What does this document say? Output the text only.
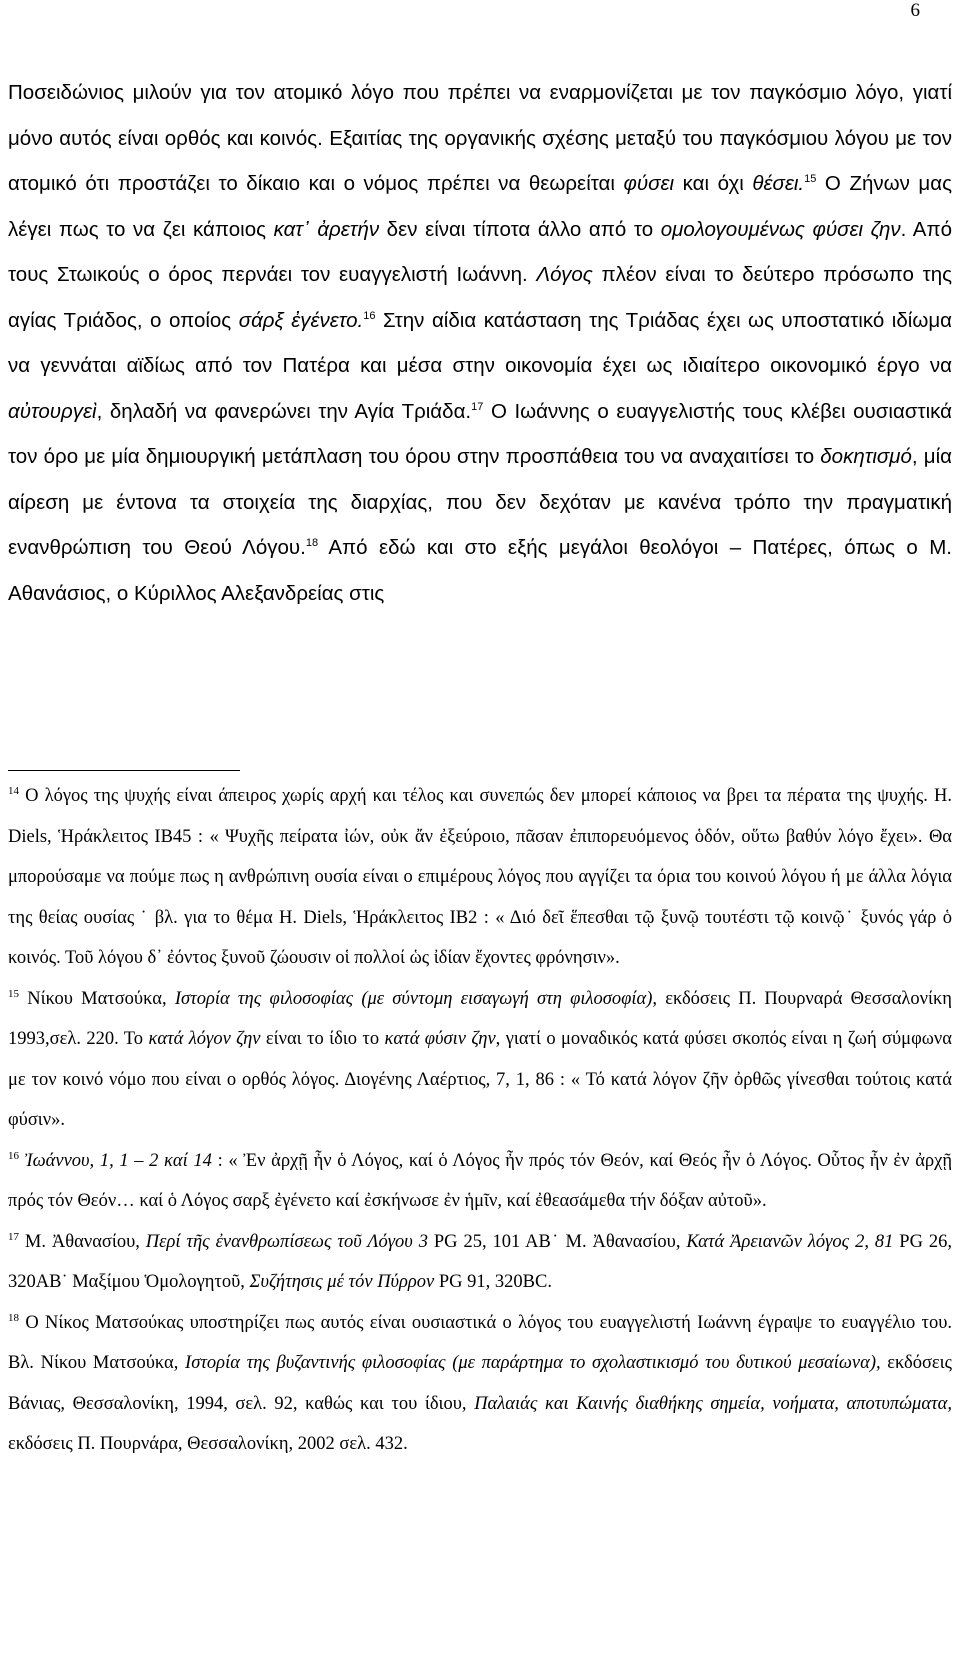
6

Ποσειδώνιος μιλούν για τον ατομικό λόγο που πρέπει να εναρμονίζεται με τον παγκόσμιο λόγο, γιατί μόνο αυτός είναι ορθός και κοινός. Εξαιτίας της οργανικής σχέσης μεταξύ του παγκόσμιου λόγου με τον ατομικό ότι προστάζει το δίκαιο και ο νόμος πρέπει να θεωρείται φύσει και όχι θέσει.$^{15}$ Ο Ζήνων μας λέγει πως το να ζει κάποιος κατ᾽ ἀρετήν δεν είναι τίποτα άλλο από το ομολογουμένως φύσει ζην. Από τους Στωικούς ο όρος περνάει τον ευαγγελιστή Ιωάννη. Λόγος πλέον είναι το δεύτερο πρόσωπο της αγίας Τριάδος, ο οποίος σάρξ ἐγένετο.$^{16}$ Στην αίδια κατάσταση της Τριάδας έχει ως υποστατικό ιδίωμα να γεννάται αϊδίως από τον Πατέρα και μέσα στην οικονομία έχει ως ιδιαίτερο οικονομικό έργο να αὐτουργεὶ, δηλαδή να φανερώνει την Αγία Τριάδα.$^{17}$ Ο Ιωάννης ο ευαγγελιστής τους κλέβει ουσιαστικά τον όρο με μία δημιουργική μετάπλαση του όρου στην προσπάθεια του να αναχαιτίσει το δοκητισμό, μία αίρεση με έντονα τα στοιχεία της διαρχίας, που δεν δεχόταν με κανένα τρόπο την πραγματική ενανθρώπιση του Θεού Λόγου.$^{18}$ Από εδώ και στο εξής μεγάλοι θεολόγοι – Πατέρες, όπως ο Μ. Αθανάσιος, ο Κύριλλος Αλεξανδρείας στις

$^{14}$ Ο λόγος της ψυχής είναι άπειρος χωρίς αρχή και τέλος και συνεπώς δεν μπορεί κάποιος να βρει τα πέρατα της ψυχής. H. Diels, Ἡράκλειτος ΙΒ45 : « Ψυχῆς πείρατα ἰών, οὐκ ἄν ἐξεύροιο, πᾶσαν ἐπιπορευόμενος ὁδόν, οὕτω βαθύν λόγο ἔχει». Θα μπορούσαμε να πούμε πως η ανθρώπινη ουσία είναι ο επιμέρους λόγος που αγγίζει τα όρια του κοινού λόγου ή με άλλα λόγια της θείας ουσίας ˙ βλ. για το θέμα H. Diels, Ἡράκλειτος ΙΒ2 : « Διό δεῖ ἕπεσθαι τῷ ξυνῷ τουτέστι τῷ κοινῷ˙ ξυνός γάρ ὁ κοινός. Τοῦ λόγου δ᾽ ἐόντος ξυνοῦ ζώουσιν οἱ πολλοί ὡς ἰδίαν ἔχοντες φρόνησιν».

$^{15}$ Νίκου Ματσούκα, Ιστορία της φιλοσοφίας (με σύντομη εισαγωγή στη φιλοσοφία), εκδόσεις Π. Πουρναρά Θεσσαλονίκη 1993,σελ. 220. Το κατά λόγον ζην είναι το ίδιο το κατά φύσιν ζην, γιατί ο μοναδικός κατά φύσει σκοπός είναι η ζωή σύμφωνα με τον κοινό νόμο που είναι ο ορθός λόγος. Διογένης Λαέρτιος, 7, 1, 86 : « Τό κατά λόγον ζῆν ὀρθῶς γίνεσθαι τούτοις κατά φύσιν».

$^{16}$ Ἰωάννου, 1, 1 – 2 καί 14 : « Ἐν ἀρχῇ ἦν ὁ Λόγος, καί ὁ Λόγος ἦν πρός τόν Θεόν, καί Θεός ἦν ὁ Λόγος. Οὗτος ἦν ἐν ἀρχῇ πρός τόν Θεόν… καί ὁ Λόγος σαρξ ἐγένετο καί ἐσκήνωσε ἐν ἡμῖν, καί ἐθεασάμεθα τήν δόξαν αὐτοῦ».

$^{17}$ Μ. Ἀθανασίου, Περί τῆς ἐνανθρωπίσεως τοῦ Λόγου 3 PG 25, 101 AB˙ Μ. Ἀθανασίου, Κατά Ἀρειανῶν λόγος 2, 81 PG 26, 320AB˙ Μαξίμου Ὁμολογητοῦ, Συζήτησις μέ τόν Πύρρον PG 91, 320BC.

$^{18}$ Ο Νίκος Ματσούκας υποστηρίζει πως αυτός είναι ουσιαστικά ο λόγος του ευαγγελιστή Ιωάννη έγραψε το ευαγγέλιο του. Βλ. Νίκου Ματσούκα, Ιστορία της βυζαντινής φιλοσοφίας (με παράρτημα το σχολαστικισμό του δυτικού μεσαίωνα), εκδόσεις Βάνιας, Θεσσαλονίκη, 1994, σελ. 92, καθώς και του ίδιου, Παλαιάς και Καινής διαθήκης σημεία, νοήματα, αποτυπώματα, εκδόσεις Π. Πουρνάρα, Θεσσαλονίκη, 2002 σελ. 432.
